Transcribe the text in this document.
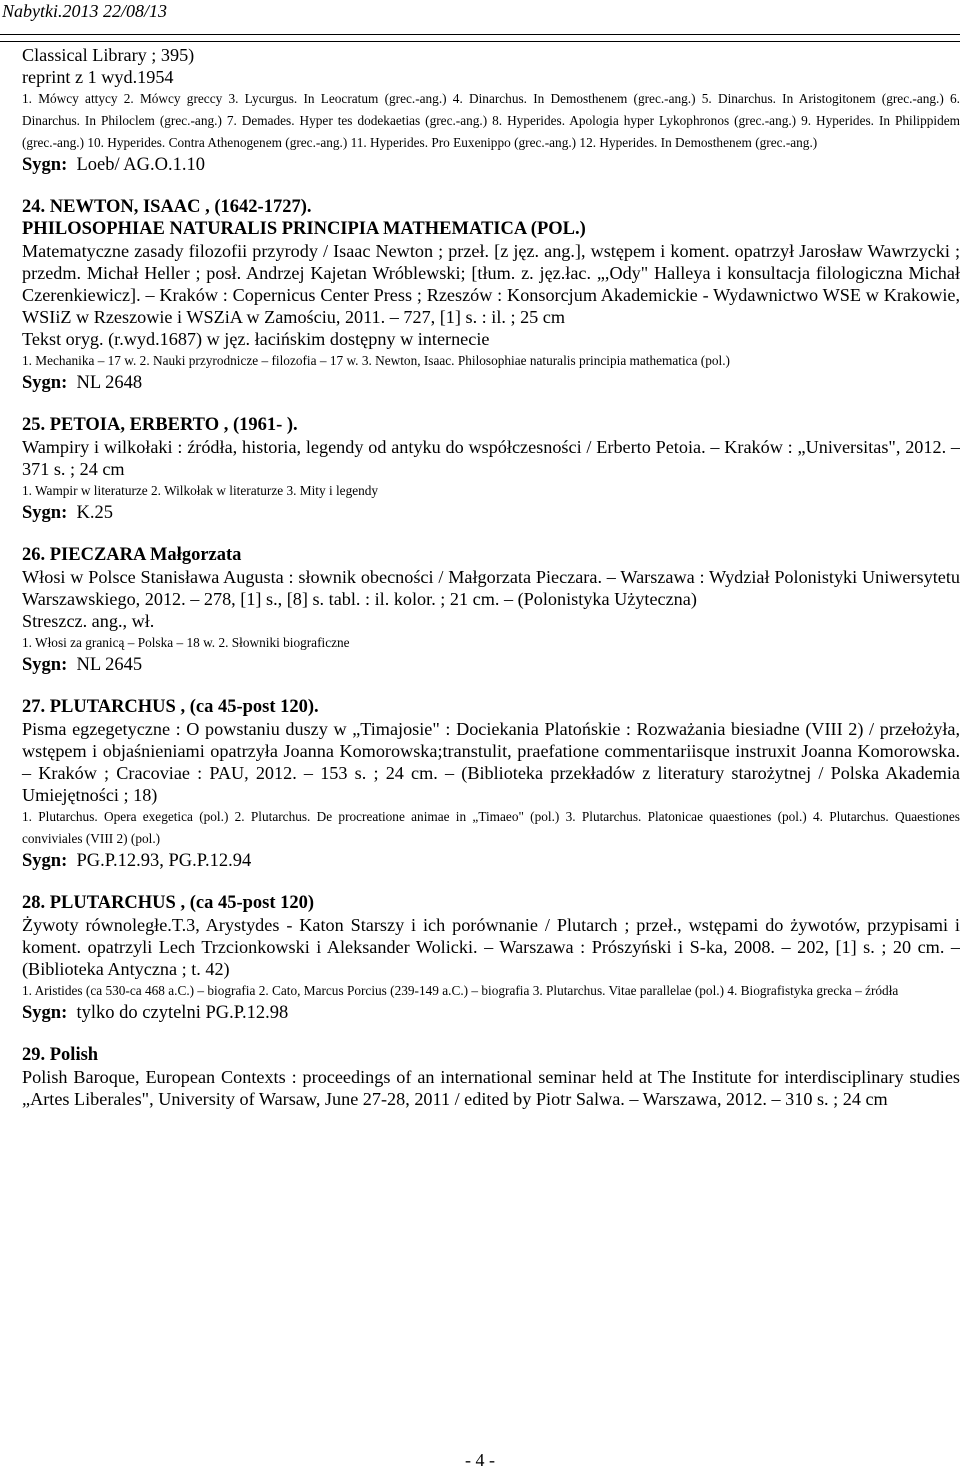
Nabytki.2013 22/08/13

Classical Library ; 395)

reprint z 1 wyd.1954

1. Mówcy attycy 2. Mówcy greccy 3. Lycurgus. In Leocratum (grec.-ang.) 4. Dinarchus. In Demosthenem (grec.-ang.) 5. Dinarchus. In Aristogitonem (grec.-ang.) 6. Dinarchus. In Philoclem (grec.-ang.) 7. Demades. Hyper tes dodekaetias (grec.-ang.) 8. Hyperides. Apologia hyper Lykophronos (grec.-ang.) 9. Hyperides. In Philippidem (grec.-ang.) 10. Hyperides. Contra Athenogenem (grec.-ang.) 11. Hyperides. Pro Euxenippo (grec.-ang.) 12. Hyperides. In Demosthenem (grec.-ang.)

Sygn: Loeb/ AG.O.1.10

24. NEWTON, ISAAC , (1642-1727).

PHILOSOPHIAE NATURALIS PRINCIPIA MATHEMATICA (POL.)

Matematyczne zasady filozofii przyrody / Isaac Newton ; przeł. [z jęz. ang.], wstępem i koment. opatrzył Jarosław Wawrzycki ; przedm. Michał Heller ; posł. Andrzej Kajetan Wróblewski; [tłum. z. jęz.łac. „,Ody" Halleya i konsultacja filologiczna Michał Czerenkiewicz]. – Kraków : Copernicus Center Press ; Rzeszów : Konsorcjum Akademickie - Wydawnictwo WSE w Krakowie, WSIiZ w Rzeszowie i WSZiA w Zamościu, 2011. – 727, [1] s. : il. ; 25 cm

Tekst oryg. (r.wyd.1687) w jęz. łacińskim dostępny w internecie

1. Mechanika – 17 w. 2. Nauki przyrodnicze – filozofia – 17 w. 3. Newton, Isaac. Philosophiae naturalis principia mathematica (pol.)

Sygn: NL 2648

25. PETOIA, ERBERTO , (1961- ).

Wampiry i wilkołaki : źródła, historia, legendy od antyku do współczesności / Erberto Petoia. – Kraków : „Universitas", 2012. – 371 s. ; 24 cm

1. Wampir w literaturze 2. Wilkołak w literaturze 3. Mity i legendy

Sygn: K.25

26. PIECZARA Małgorzata

Włosi w Polsce Stanisława Augusta : słownik obecności / Małgorzata Pieczara. – Warszawa : Wydział Polonistyki Uniwersytetu Warszawskiego, 2012. – 278, [1] s., [8] s. tabl. : il. kolor. ; 21 cm. – (Polonistyka Użyteczna)

Streszcz. ang., wł.

1. Włosi za granicą – Polska – 18 w. 2. Słowniki biograficzne

Sygn: NL 2645

27. PLUTARCHUS , (ca 45-post 120).

Pisma egzegetyczne : O powstaniu duszy w „Timajosie" : Dociekania Platońskie : Rozważania biesiadne (VIII 2) / przełożyła, wstępem i objaśnieniami opatrzyła Joanna Komorowska;transtulit, praefatione commentariisque instruxit Joanna Komorowska. – Kraków ; Cracoviae : PAU, 2012. – 153 s. ; 24 cm. – (Biblioteka przekładów z literatury starożytnej / Polska Akademia Umiejętności ; 18)

1. Plutarchus. Opera exegetica (pol.) 2. Plutarchus. De procreatione animae in „Timaeo" (pol.) 3. Plutarchus. Platonicae quaestiones (pol.) 4. Plutarchus. Quaestiones conviviales (VIII 2) (pol.)

Sygn: PG.P.12.93, PG.P.12.94

28. PLUTARCHUS , (ca 45-post 120)

Żywoty równoległe.T.3, Arystydes - Katon Starszy i ich porównanie / Plutarch ; przeł., wstępami do żywotów, przypisami i koment. opatrzyli Lech Trzcionkowski i Aleksander Wolicki. – Warszawa : Prószyński i S-ka, 2008. – 202, [1] s. ; 20 cm. – (Biblioteka Antyczna ; t. 42)

1. Aristides (ca 530-ca 468 a.C.) – biografia 2. Cato, Marcus Porcius (239-149 a.C.) – biografia 3. Plutarchus. Vitae parallelae (pol.) 4. Biografistyka grecka – źródła

Sygn: tylko do czytelni PG.P.12.98

29. Polish

Polish Baroque, European Contexts : proceedings of an international seminar held at The Institute for interdisciplinary studies „Artes Liberales", University of Warsaw, June 27-28, 2011 / edited by Piotr Salwa. – Warszawa, 2012. – 310 s. ; 24 cm

- 4 -
